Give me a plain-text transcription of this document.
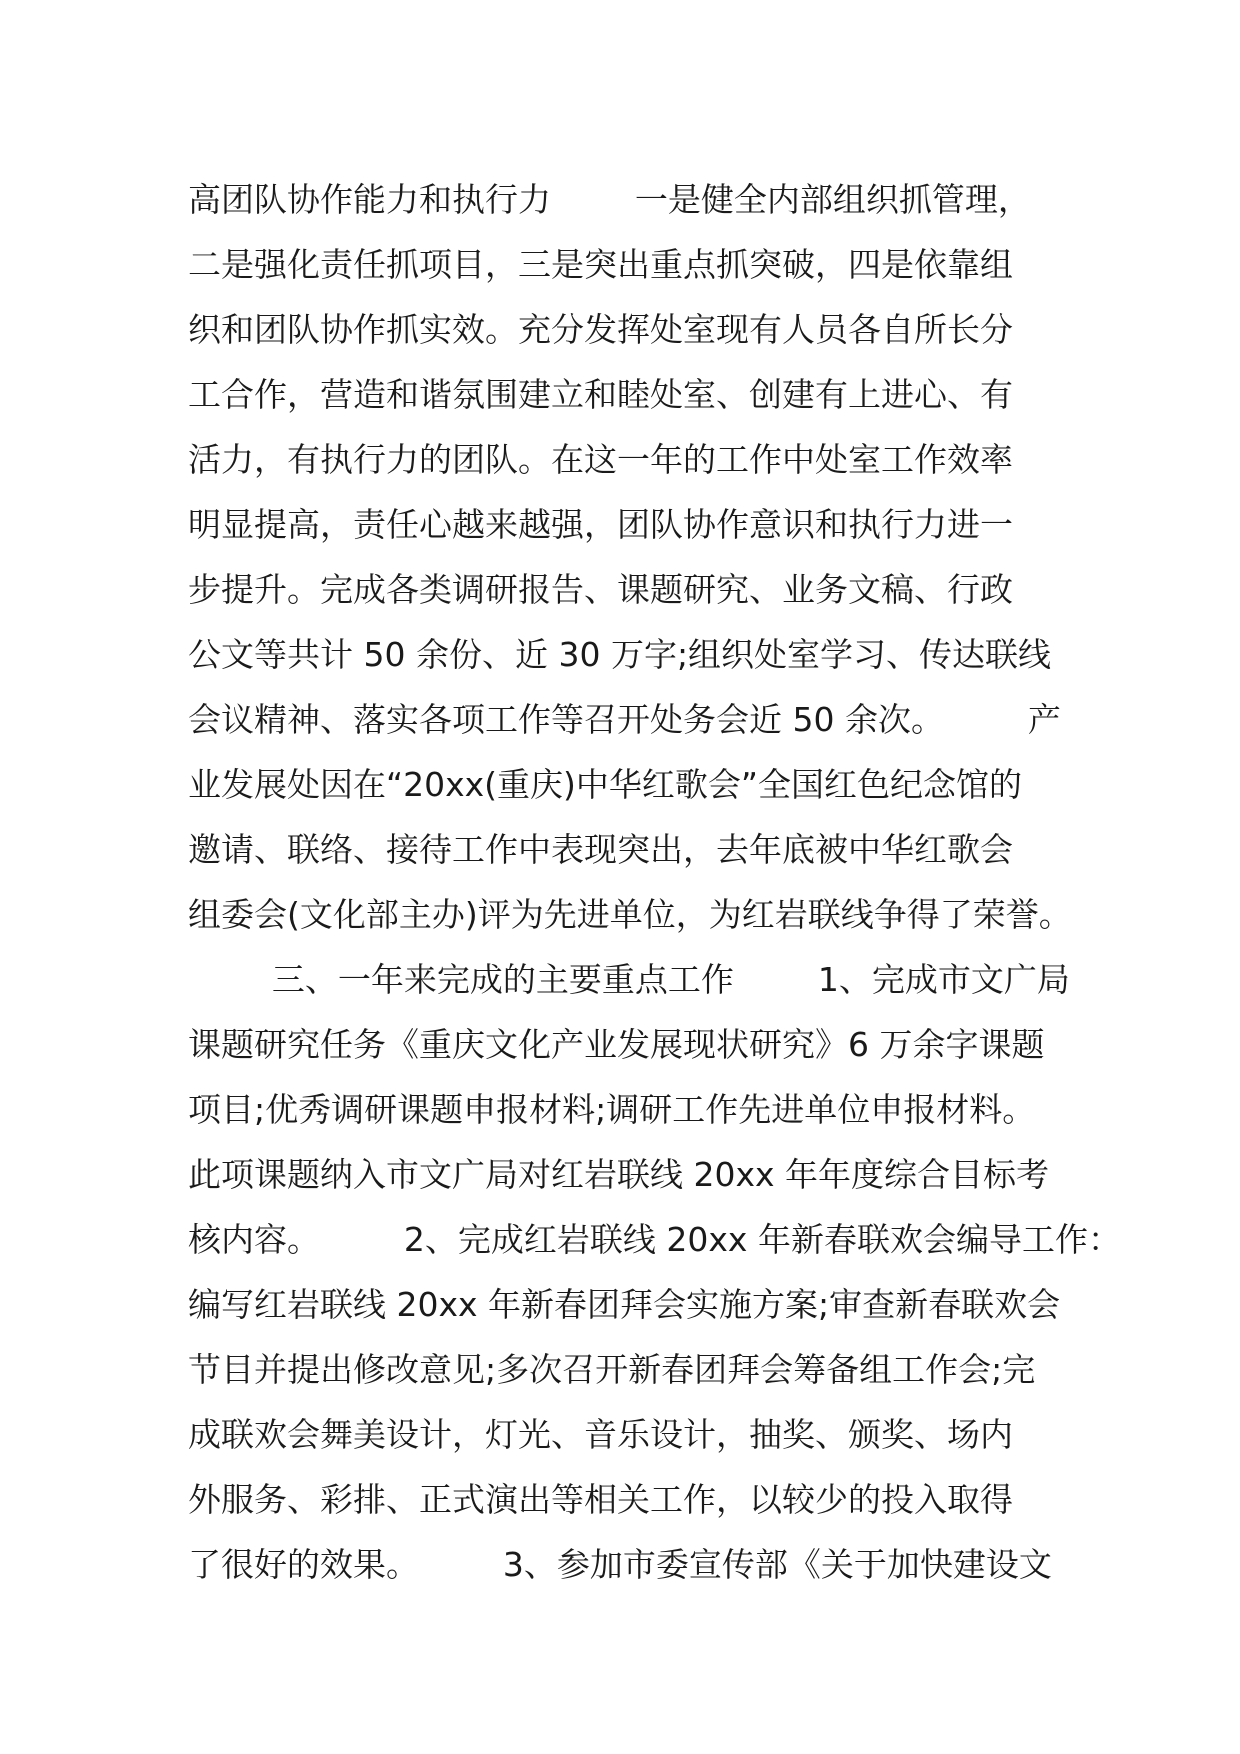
高团队协作能力和执行力        一是健全内部组织抓管理，
二是强化责任抓项目，三是突出重点抓突破，四是依靠组
织和团队协作抓实效。充分发挥处室现有人员各自所长分
工合作，营造和谐氛围建立和睦处室、创建有上进心、有
活力，有执行力的团队。在这一年的工作中处室工作效率
明显提高，责任心越来越强，团队协作意识和执行力进一
步提升。完成各类调研报告、课题研究、业务文稿、行政
公文等共计 50 余份、近 30 万字;组织处室学习、传达联线
会议精神、落实各项工作等召开处务会近 50 余次。        产
业发展处因在“20xx(重庆)中华红歌会”全国红色纪念馆的
邀请、联络、接待工作中表现突出，去年底被中华红歌会
组委会(文化部主办)评为先进单位，为红岩联线争得了荣誉。
三、一年来完成的主要重点工作        1、完成市文广局
课题研究任务《重庆文化产业发展现状研究》6 万余字课题
项目;优秀调研课题申报材料;调研工作先进单位申报材料。
此项课题纳入市文广局对红岩联线 20xx 年年度综合目标考
核内容。        2、完成红岩联线 20xx 年新春联欢会编导工作：
编写红岩联线 20xx 年新春团拜会实施方案;审查新春联欢会
节目并提出修改意见;多次召开新春团拜会筹备组工作会;完
成联欢会舞美设计，灯光、音乐设计，抽奖、颁奖、场内
外服务、彩排、正式演出等相关工作，以较少的投入取得
了很好的效果。        3、参加市委宣传部《关于加快建设文
